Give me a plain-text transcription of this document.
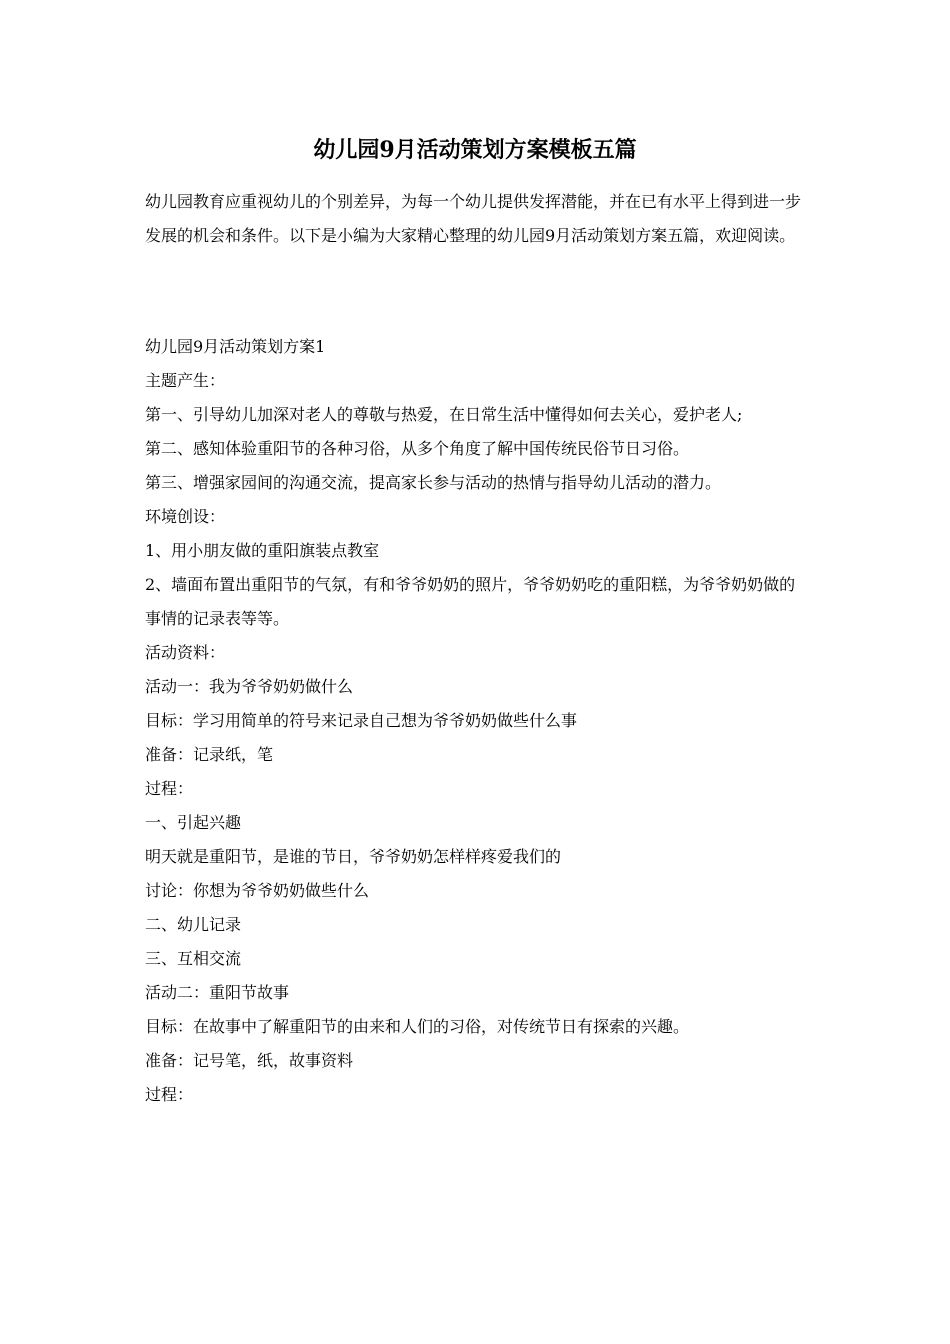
幼儿园9月活动策划方案模板五篇

幼儿园教育应重视幼儿的个别差异，为每一个幼儿提供发挥潜能，并在已有水平上得到进一步发展的机会和条件。以下是小编为大家精心整理的幼儿园9月活动策划方案五篇，欢迎阅读。

幼儿园9月活动策划方案1
主题产生：
第一、引导幼儿加深对老人的尊敬与热爱，在日常生活中懂得如何去关心，爱护老人;
第二、感知体验重阳节的各种习俗，从多个角度了解中国传统民俗节日习俗。
第三、增强家园间的沟通交流，提高家长参与活动的热情与指导幼儿活动的潜力。
环境创设：
1、用小朋友做的重阳旗装点教室
2、墙面布置出重阳节的气氛，有和爷爷奶奶的照片，爷爷奶奶吃的重阳糕，为爷爷奶奶做的事情的记录表等等。
活动资料：
活动一：我为爷爷奶奶做什么
目标：学习用简单的符号来记录自己想为爷爷奶奶做些什么事
准备：记录纸，笔
过程：
一、引起兴趣
明天就是重阳节，是谁的节日，爷爷奶奶怎样样疼爱我们的
讨论：你想为爷爷奶奶做些什么
二、幼儿记录
三、互相交流
活动二：重阳节故事
目标：在故事中了解重阳节的由来和人们的习俗，对传统节日有探索的兴趣。
准备：记号笔，纸，故事资料
过程：
